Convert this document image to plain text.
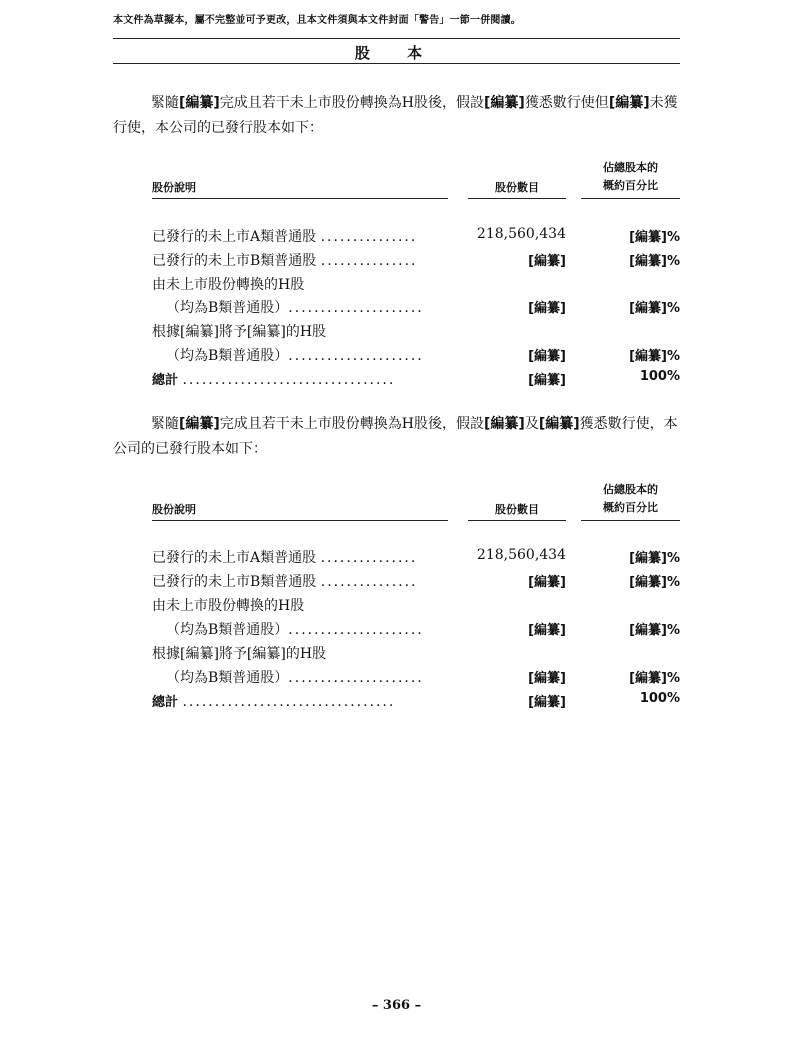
本文件為草擬本，屬不完整並可予更改，且本文件須與本文件封面「警告」一節一併閱讀。
股 本
緊隨[編纂]完成且若干未上市股份轉換為H股後，假設[編纂]獲悉數行使但[編纂]未獲行使，本公司的已發行股本如下：
股份說明	股份數目
佔總股本的
概約百分比
已發行的未上市A類普通股 ...............	218,560,434	[編纂]%
已發行的未上市B類普通股 ...............	[編纂]	[編纂]%
由未上市股份轉換的H股
（均為B類普通股）.....................	[編纂]	[編纂]%
根據[編纂]將予[編纂]的H股
（均為B類普通股）.....................	[編纂]	[編纂]%
總計 .................................	[編纂]	100%
緊隨[編纂]完成且若干未上市股份轉換為H股後，假設[編纂]及[編纂]獲悉數行使，本公司的已發行股本如下：
股份說明	股份數目
佔總股本的
概約百分比
已發行的未上市A類普通股 ...............	218,560,434	[編纂]%
已發行的未上市B類普通股 ...............	[編纂]	[編纂]%
由未上市股份轉換的H股
（均為B類普通股）.....................	[編纂]	[編纂]%
根據[編纂]將予[編纂]的H股
（均為B類普通股）.....................	[編纂]	[編纂]%
總計 .................................	[編纂]	100%
– 366 –
